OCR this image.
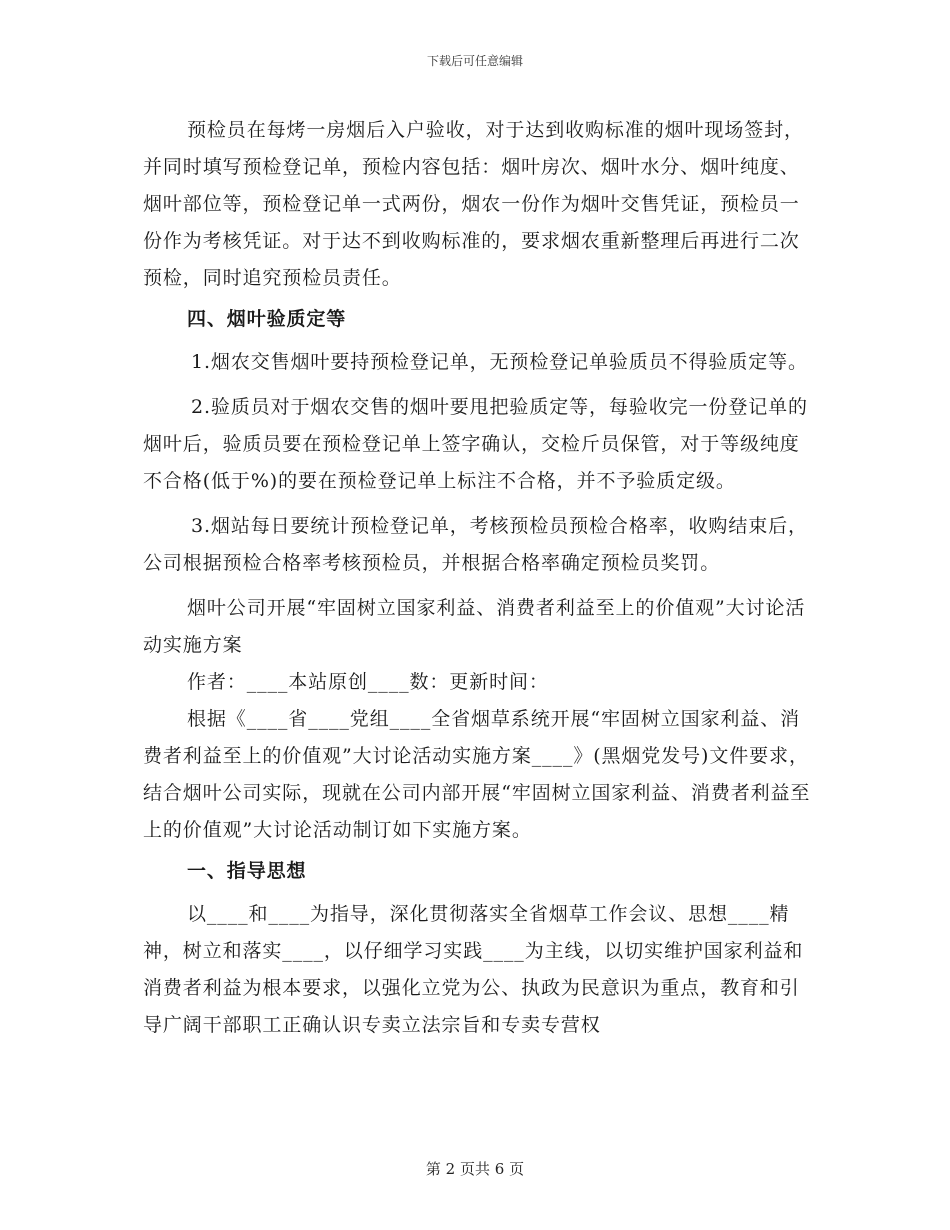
下载后可任意编辑

预检员在每烤一房烟后入户验收，对于达到收购标准的烟叶现场签封，并同时填写预检登记单，预检内容包括：烟叶房次、烟叶水分、烟叶纯度、烟叶部位等，预检登记单一式两份，烟农一份作为烟叶交售凭证，预检员一份作为考核凭证。对于达不到收购标准的，要求烟农重新整理后再进行二次预检，同时追究预检员责任。

四、烟叶验质定等

1.烟农交售烟叶要持预检登记单，无预检登记单验质员不得验质定等。

2.验质员对于烟农交售的烟叶要甩把验质定等，每验收完一份登记单的烟叶后，验质员要在预检登记单上签字确认，交检斤员保管，对于等级纯度不合格(低于%)的要在预检登记单上标注不合格，并不予验质定级。

3.烟站每日要统计预检登记单，考核预检员预检合格率，收购结束后，公司根据预检合格率考核预检员，并根据合格率确定预检员奖罚。

烟叶公司开展“牢固树立国家利益、消费者利益至上的价值观”大讨论活动实施方案

作者：____本站原创____数：更新时间：

根据《____省____党组____全省烟草系统开展“牢固树立国家利益、消费者利益至上的价值观”大讨论活动实施方案____》(黑烟党发号)文件要求，结合烟叶公司实际，现就在公司内部开展“牢固树立国家利益、消费者利益至上的价值观”大讨论活动制订如下实施方案。

一、指导思想

以____和____为指导，深化贯彻落实全省烟草工作会议、思想____精神，树立和落实____，以仔细学习实践____为主线，以切实维护国家利益和消费者利益为根本要求，以强化立党为公、执政为民意识为重点，教育和引导广阔干部职工正确认识专卖立法宗旨和专卖专营权

第 2 页共 6 页
